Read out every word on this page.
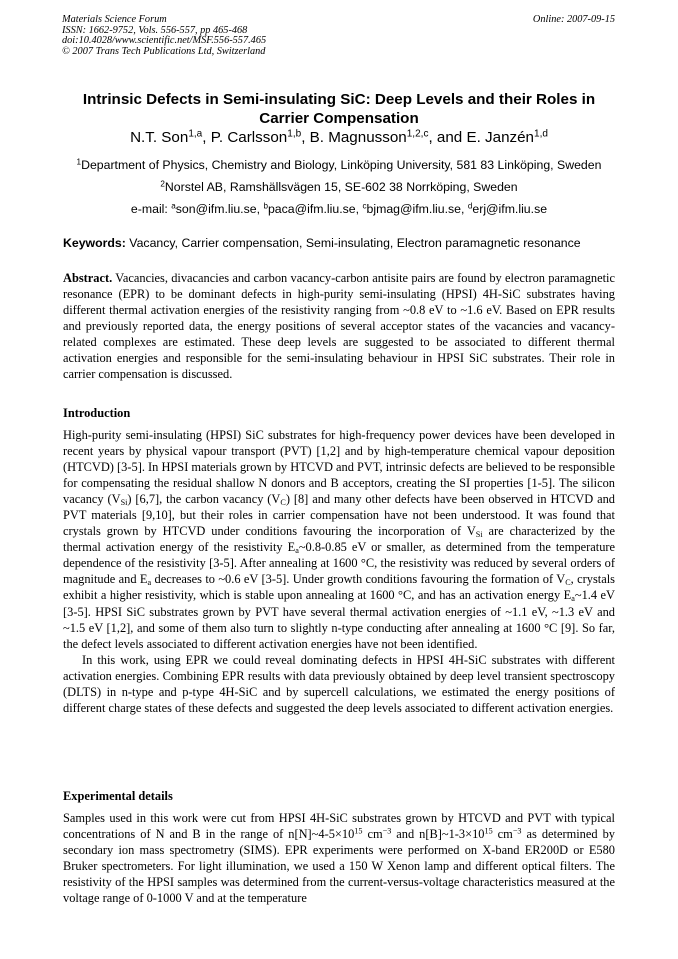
Materials Science Forum
ISSN: 1662-9752, Vols. 556-557, pp 465-468
doi:10.4028/www.scientific.net/MSF.556-557.465
© 2007 Trans Tech Publications Ltd, Switzerland
Online: 2007-09-15
Intrinsic Defects in Semi-insulating SiC: Deep Levels and their Roles in
Carrier Compensation
N.T. Son$^{1,a}$, P. Carlsson$^{1,b}$, B. Magnusson$^{1,2,c}$, and E. Janzén$^{1,d}$
$^1$Department of Physics, Chemistry and Biology, Linköping University, 581 83 Linköping, Sweden
$^2$Norstel AB, Ramshällsvägen 15, SE-602 38 Norrköping, Sweden
e-mail: $^a$son@ifm.liu.se, $^b$paca@ifm.liu.se, $^c$bjmag@ifm.liu.se, $^d$erj@ifm.liu.se
Keywords: Vacancy, Carrier compensation, Semi-insulating, Electron paramagnetic resonance
Abstract. Vacancies, divacancies and carbon vacancy-carbon antisite pairs are found by electron paramagnetic resonance (EPR) to be dominant defects in high-purity semi-insulating (HPSI) 4H-SiC substrates having different thermal activation energies of the resistivity ranging from ~0.8 eV to ~1.6 eV. Based on EPR results and previously reported data, the energy positions of several acceptor states of the vacancies and vacancy-related complexes are estimated. These deep levels are suggested to be associated to different thermal activation energies and responsible for the semi-insulating behaviour in HPSI SiC substrates. Their role in carrier compensation is discussed.
Introduction
High-purity semi-insulating (HPSI) SiC substrates for high-frequency power devices have been developed in recent years by physical vapour transport (PVT) [1,2] and by high-temperature chemical vapour deposition (HTCVD) [3-5]. In HPSI materials grown by HTCVD and PVT, intrinsic defects are believed to be responsible for compensating the residual shallow N donors and B acceptors, creating the SI properties [1-5]. The silicon vacancy $(V_{Si})$ [6,7], the carbon vacancy $(V_C)$ [8] and many other defects have been observed in HTCVD and PVT materials [9,10], but their roles in carrier compensation have not been understood. It was found that crystals grown by HTCVD under conditions favouring the incorporation of $V_{Si}$ are characterized by the thermal activation energy of the resistivity $E_a\sim 0.8-0.85$ eV or smaller, as determined from the temperature dependence of the resistivity [3-5]. After annealing at 1600 °C, the resistivity was reduced by several orders of magnitude and $E_a$ decreases to ~0.6 eV [3-5]. Under growth conditions favouring the formation of $V_C$, crystals exhibit a higher resistivity, which is stable upon annealing at 1600 °C, and has an activation energy $E_a\sim 1.4$ eV [3-5]. HPSI SiC substrates grown by PVT have several thermal activation energies of ~1.1 eV, ~1.3 eV and ~1.5 eV [1,2], and some of them also turn to slightly n-type conducting after annealing at 1600 °C [9]. So far, the defect levels associated to different activation energies have not been identified.
In this work, using EPR we could reveal dominating defects in HPSI 4H-SiC substrates with different activation energies. Combining EPR results with data previously obtained by deep level transient spectroscopy (DLTS) in n-type and p-type 4H-SiC and by supercell calculations, we estimated the energy positions of different charge states of these defects and suggested the deep levels associated to different activation energies.
Experimental details
Samples used in this work were cut from HPSI 4H-SiC substrates grown by HTCVD and PVT with typical concentrations of N and B in the range of $n[N]\sim 4-5\times 10^{15}$ $cm^{-3}$ and $n[B]\sim 1-3\times 10^{15}$ $cm^{-3}$ as determined by secondary ion mass spectrometry (SIMS). EPR experiments were performed on X-band ER200D or E580 Bruker spectrometers. For light illumination, we used a 150 W Xenon lamp and different optical filters. The resistivity of the HPSI samples was determined from the current-versus-voltage characteristics measured at the voltage range of 0-1000 V and at the temperature
